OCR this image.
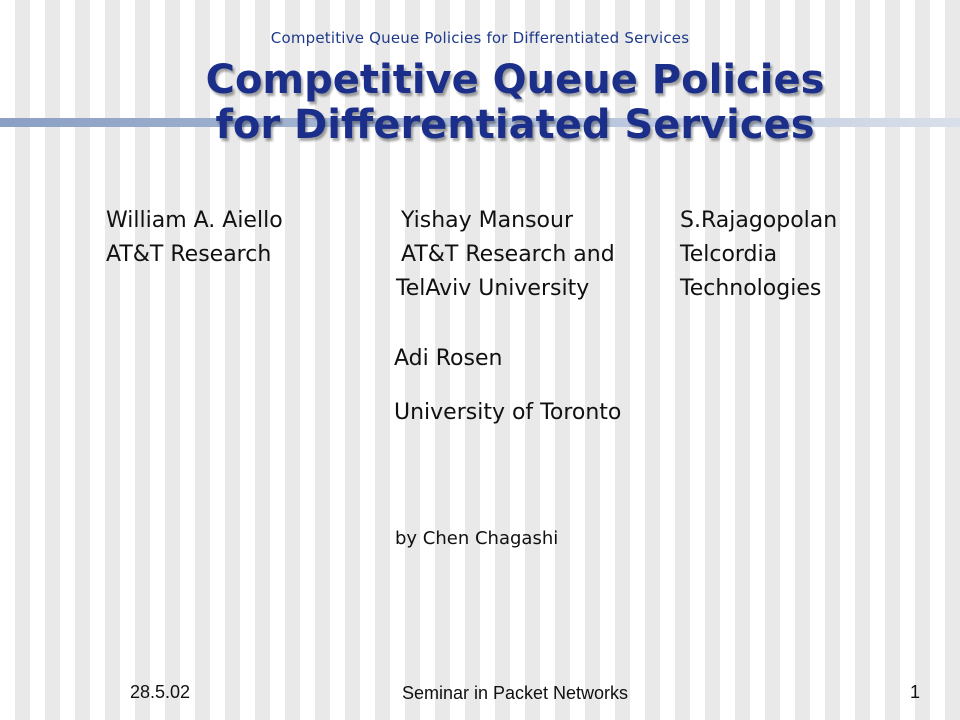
Competitive Queue Policies for Differentiated Services
Competitive Queue Policies
for Differentiated Services
William A. Aiello
AT&T Research
Yishay Mansour
AT&T Research and
TelAviv University
S.Rajagopolan
Telcordia
Technologies
Adi Rosen
University of Toronto
by Chen Chagashi
28.5.02	Seminar in Packet Networks	1
